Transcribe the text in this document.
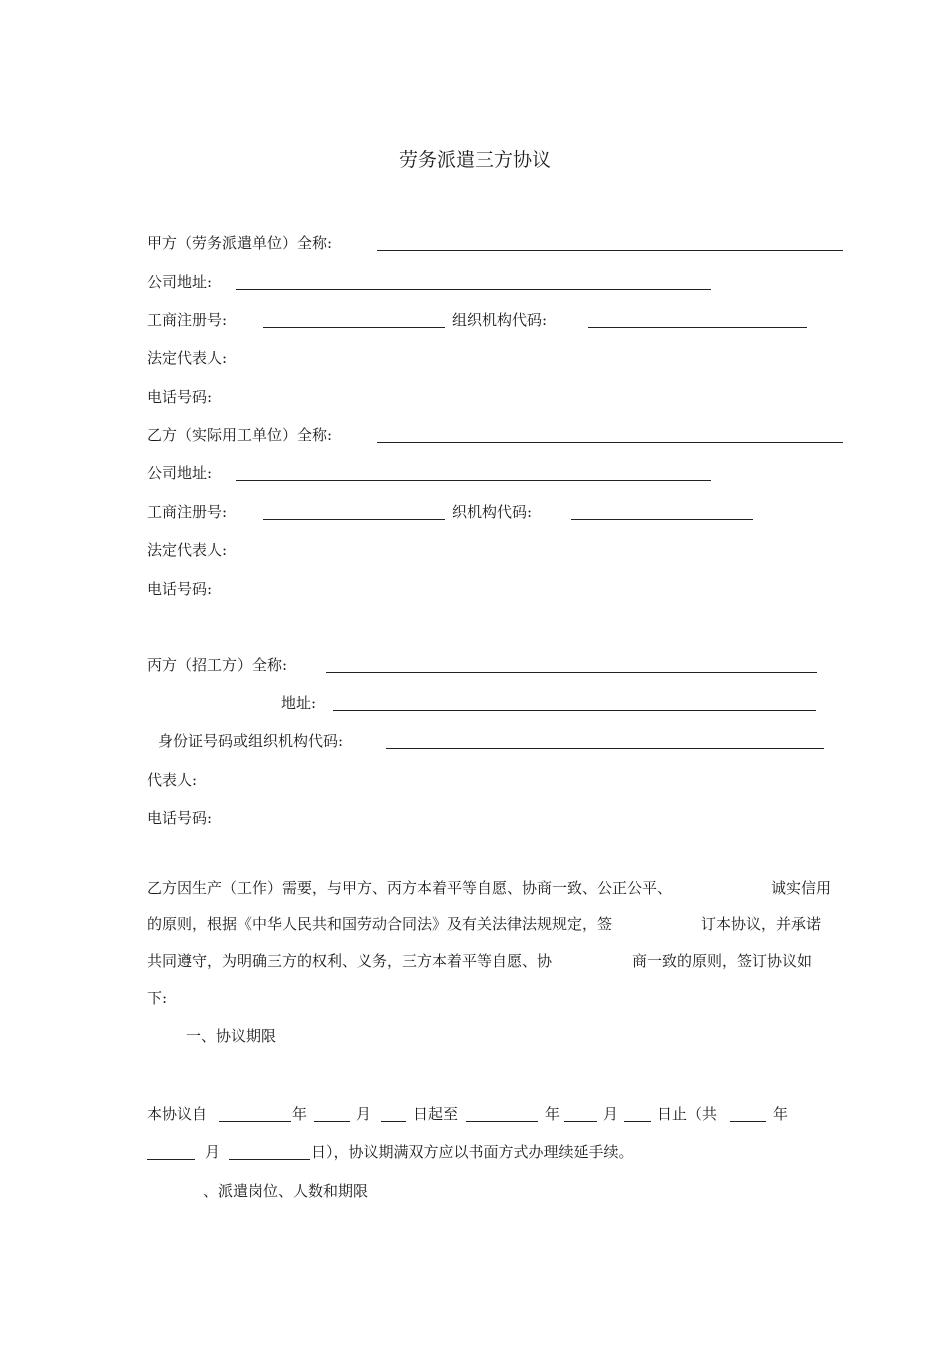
劳务派遣三方协议
甲方（劳务派遣单位）全称:
公司地址:
工商注册号:	组织机构代码:
法定代表人:
电话号码:
乙方（实际用工单位）全称:
公司地址:
工商注册号:	织机构代码:
法定代表人:
电话号码:
丙方（招工方）全称:
地址:
身份证号码或组织机构代码:
代表人:
电话号码:
乙方因生产（工作）需要，与甲方、丙方本着平等自愿、协商一致、公正公平、	诚实信用
的原则，根据《中华人民共和国劳动合同法》及有关法律法规规定，签	订本协议，并承诺
共同遵守，为明确三方的权利、义务，三方本着平等自愿、协	商一致的原则，签订协议如
下:
一、协议期限
本协议自	年	月	日起至	年	月	日止（共	年
月	日），协议期满双方应以书面方式办理续延手续。
、派遣岗位、人数和期限
